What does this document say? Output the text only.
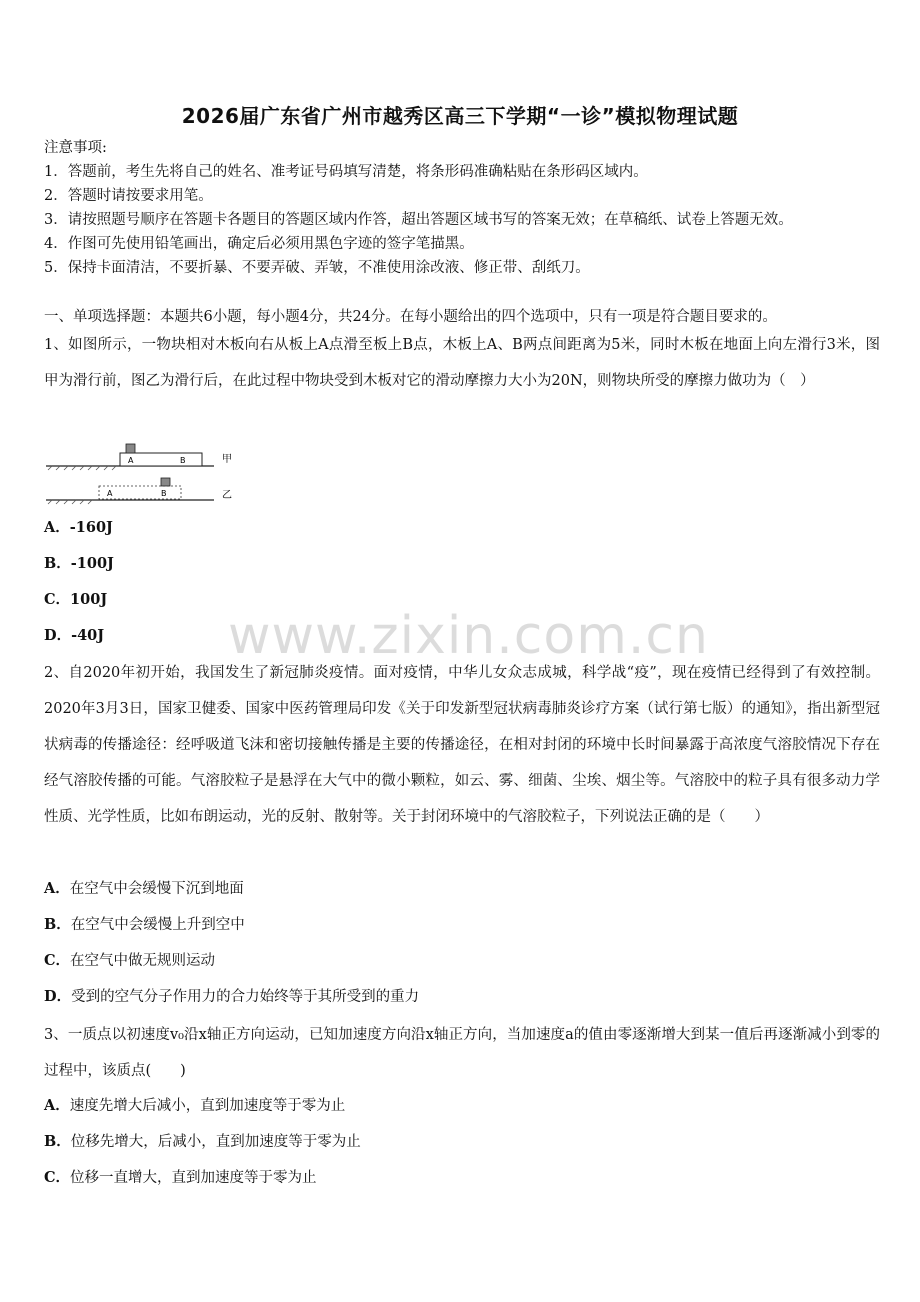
2026届广东省广州市越秀区高三下学期“一诊”模拟物理试题
注意事项:
1．答题前，考生先将自己的姓名、准考证号码填写清楚，将条形码准确粘贴在条形码区域内。
2．答题时请按要求用笔。
3．请按照题号顺序在答题卡各题目的答题区域内作答，超出答题区域书写的答案无效；在草稿纸、试卷上答题无效。
4．作图可先使用铅笔画出，确定后必须用黑色字迹的签字笔描黑。
5．保持卡面清洁，不要折暴、不要弄破、弄皱，不准使用涂改液、修正带、刮纸刀。
一、单项选择题：本题共6小题，每小题4分，共24分。在每小题给出的四个选项中，只有一项是符合题目要求的。
1、如图所示，一物块相对木板向右从板上A点滑至板上B点，木板上A、B两点间距离为5米，同时木板在地面上向左滑行3米，图甲为滑行前，图乙为滑行后，在此过程中物块受到木板对它的滑动摩擦力大小为20N，则物块所受的摩擦力做功为（　）
A	B	甲
A	B	乙
A．-160J
B．-100J
C．100J
D．-40J www.zixin.com.cn
2、自2020年初开始，我国发生了新冠肺炎疫情。面对疫情，中华儿女众志成城，科学战“疫”，现在疫情已经得到了有效控制。2020年3月3日，国家卫健委、国家中医药管理局印发《关于印发新型冠状病毒肺炎诊疗方案（试行第七版）的通知》，指出新型冠状病毒的传播途径：经呼吸道飞沫和密切接触传播是主要的传播途径，在相对封闭的环境中长时间暴露于高浓度气溶胶情况下存在经气溶胶传播的可能。气溶胶粒子是悬浮在大气中的微小颗粒，如云、雾、细菌、尘埃、烟尘等。气溶胶中的粒子具有很多动力学性质、光学性质，比如布朗运动，光的反射、散射等。关于封闭环境中的气溶胶粒子，下列说法正确的是（　　）
A．在空气中会缓慢下沉到地面
B．在空气中会缓慢上升到空中
C．在空气中做无规则运动
D．受到的空气分子作用力的合力始终等于其所受到的重力
3、一质点以初速度v₀沿x轴正方向运动，已知加速度方向沿x轴正方向，当加速度a的值由零逐渐增大到某一值后再逐渐减小到零的过程中，该质点(　　)
A．速度先增大后减小，直到加速度等于零为止
B．位移先增大，后减小，直到加速度等于零为止
C．位移一直增大，直到加速度等于零为止
